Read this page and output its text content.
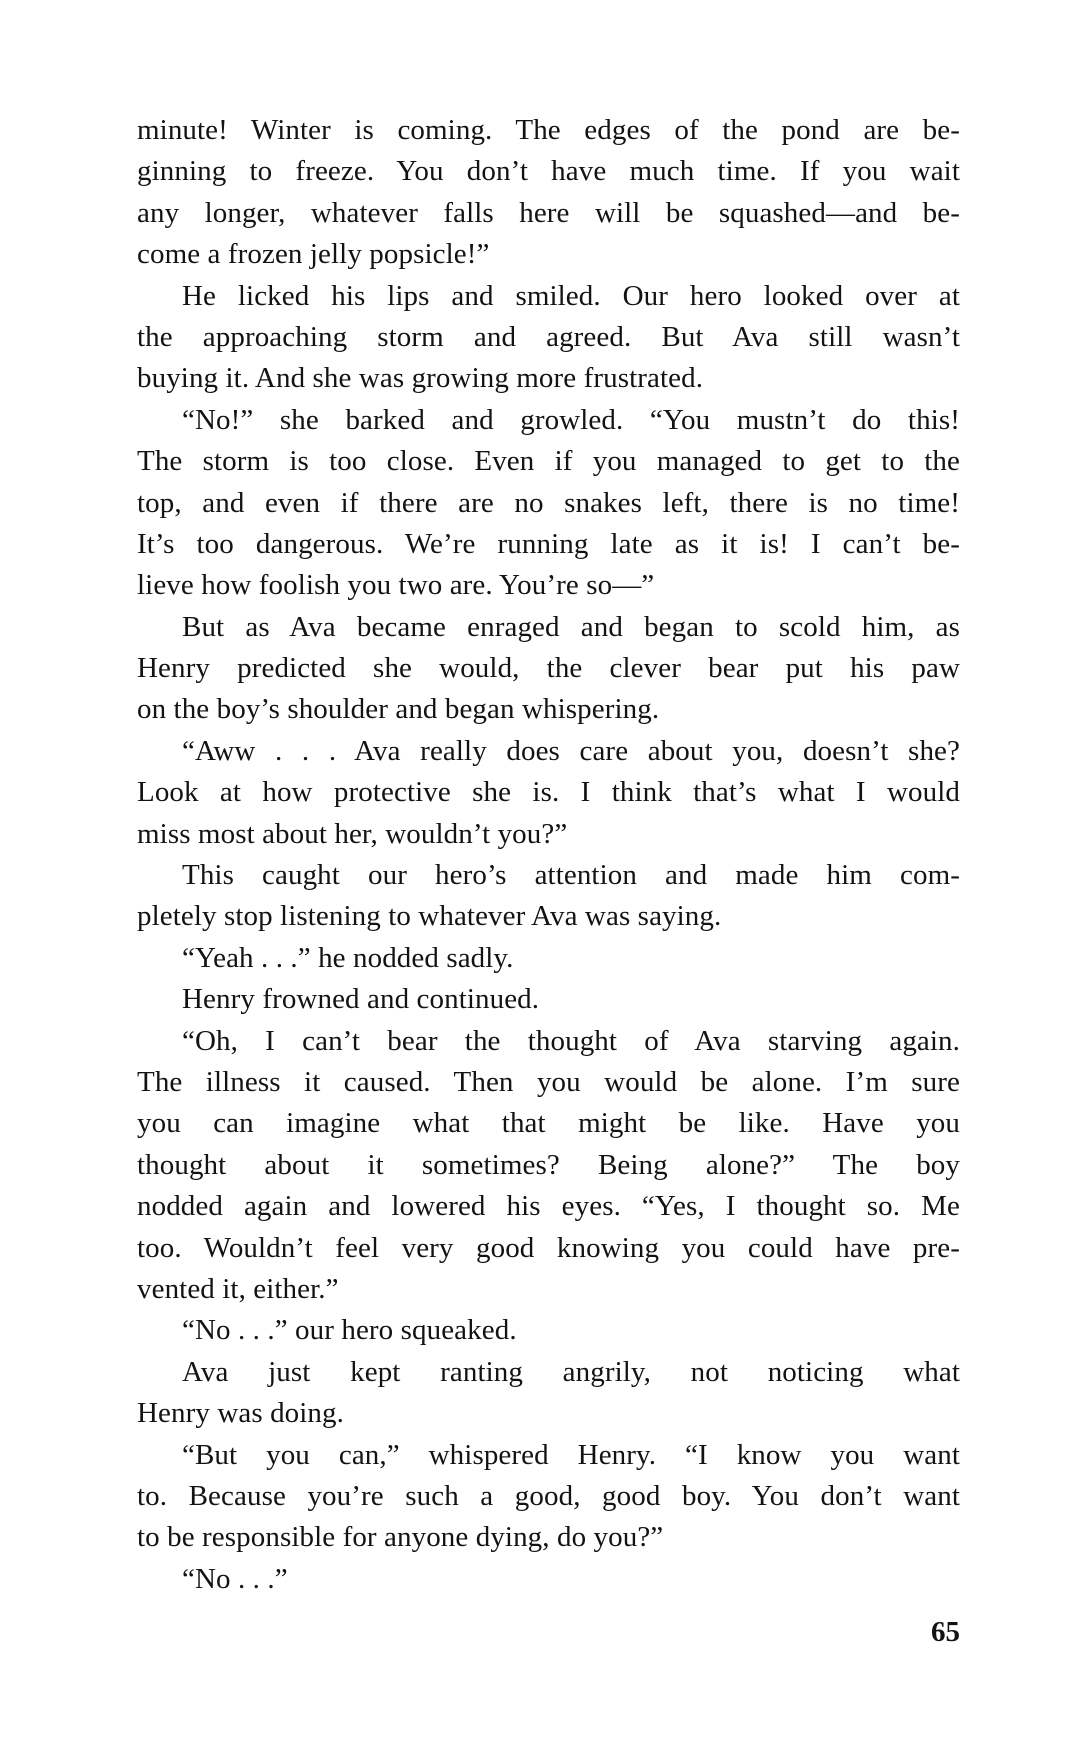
minute! Winter is coming. The edges of the pond are be-
ginning to freeze. You don’t have much time. If you wait
any longer, whatever falls here will be squashed—and be-
come a frozen jelly popsicle!”
He licked his lips and smiled. Our hero looked over at
the approaching storm and agreed. But Ava still wasn’t
buying it. And she was growing more frustrated.
“No!” she barked and growled. “You mustn’t do this!
The storm is too close. Even if you managed to get to the
top, and even if there are no snakes left, there is no time!
It’s too dangerous. We’re running late as it is! I can’t be-
lieve how foolish you two are. You’re so—”
But as Ava became enraged and began to scold him, as
Henry predicted she would, the clever bear put his paw
on the boy’s shoulder and began whispering.
“Aww . . . Ava really does care about you, doesn’t she?
Look at how protective she is. I think that’s what I would
miss most about her, wouldn’t you?”
This caught our hero’s attention and made him com-
pletely stop listening to whatever Ava was saying.
“Yeah . . .” he nodded sadly.
Henry frowned and continued.
“Oh, I can’t bear the thought of Ava starving again.
The illness it caused. Then you would be alone. I’m sure
you can imagine what that might be like. Have you
thought about it sometimes? Being alone?” The boy
nodded again and lowered his eyes. “Yes, I thought so. Me
too. Wouldn’t feel very good knowing you could have pre-
vented it, either.”
“No . . .” our hero squeaked.
Ava just kept ranting angrily, not noticing what
Henry was doing.
“But you can,” whispered Henry. “I know you want
to. Because you’re such a good, good boy. You don’t want
to be responsible for anyone dying, do you?”
“No . . .”
65
